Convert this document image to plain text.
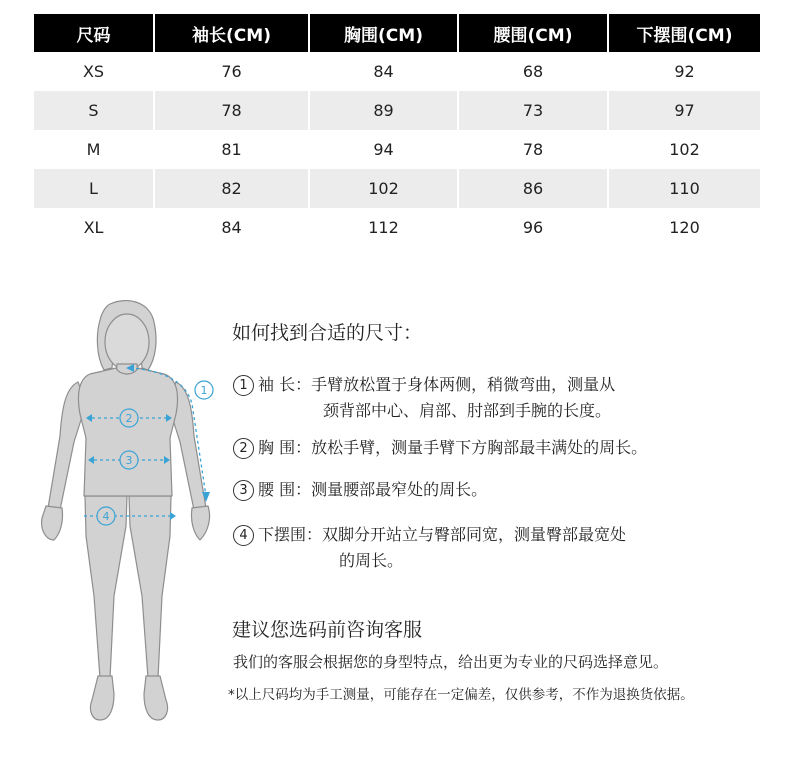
尺码	袖长(CM)	胸围(CM)	腰围(CM)	下摆围(CM)
XS	76	84	68	92
S	78	89	73	97
M	81	94	78	102
L	82	102	86	110
XL	84	112	96	120
1
2
3
4
如何找到合适的尺寸：
1 袖 长：手臂放松置于身体两侧，稍微弯曲，测量从
颈背部中心、肩部、肘部到手腕的长度。
2 胸 围：放松手臂，测量手臂下方胸部最丰满处的周长。
3 腰 围：测量腰部最窄处的周长。
4 下摆围：双脚分开站立与臀部同宽，测量臀部最宽处
的周长。
建议您选码前咨询客服
我们的客服会根据您的身型特点，给出更为专业的尺码选择意见。
*以上尺码均为手工测量，可能存在一定偏差，仅供参考，不作为退换货依据。
